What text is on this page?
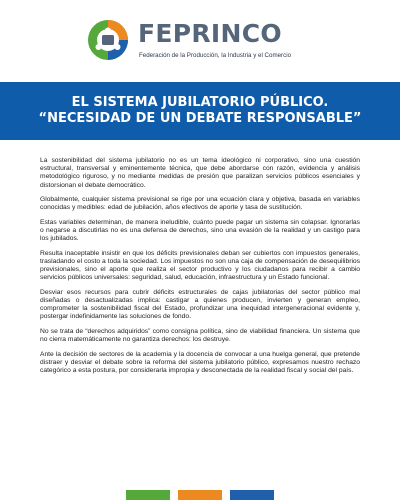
FEPRINCO
Federación de la Producción, la Industria y el Comercio
EL SISTEMA JUBILATORIO PÚBLICO.
“NECESIDAD DE UN DEBATE RESPONSABLE”

La sostenibilidad del sistema jubilatorio no es un tema ideológico ni corporativo, sino una cuestión estructural, transversal y eminentemente técnica, que debe abordarse con razón, evidencia y análisis metodológico riguroso, y no mediante medidas de presión que paralizan servicios públicos esenciales y distorsionan el debate democrático.

Globalmente, cualquier sistema previsional se rige por una ecuación clara y objetiva, basada en variables conocidas y medibles: edad de jubilación, años efectivos de aporte y tasa de sustitución.

Estas variables determinan, de manera ineludible, cuánto puede pagar un sistema sin colapsar. Ignorarlas o negarse a discutirlas no es una defensa de derechos, sino una evasión de la realidad y un castigo para los jubilados.

Resulta inaceptable insistir en que los déficits previsionales deban ser cubiertos con impuestos generales, trasladando el costo a toda la sociedad. Los impuestos no son una caja de compensación de desequilibrios previsionales, sino el aporte que realiza el sector productivo y los ciudadanos para recibir a cambio servicios públicos universales: seguridad, salud, educación, infraestructura y un Estado funcional.

Desviar esos recursos para cubrir déficits estructurales de cajas jubilatorias del sector público mal diseñadas o desactualizadas implica: castigar a quienes producen, invierten y generan empleo, comprometer la sostenibilidad fiscal del Estado, profundizar una inequidad intergeneracional evidente y, postergar indefinidamente las soluciones de fondo.

No se trata de “derechos adquiridos” como consigna política, sino de viabilidad financiera. Un sistema que no cierra matemáticamente no garantiza derechos: los destruye.

Ante la decisión de sectores de la academia y la docencia de convocar a una huelga general, que pretende distraer y desviar el debate sobre la reforma del sistema jubilatorio público, expresamos nuestro rechazo categórico a esta postura, por considerarla impropia y desconectada de la realidad fiscal y social del país.
